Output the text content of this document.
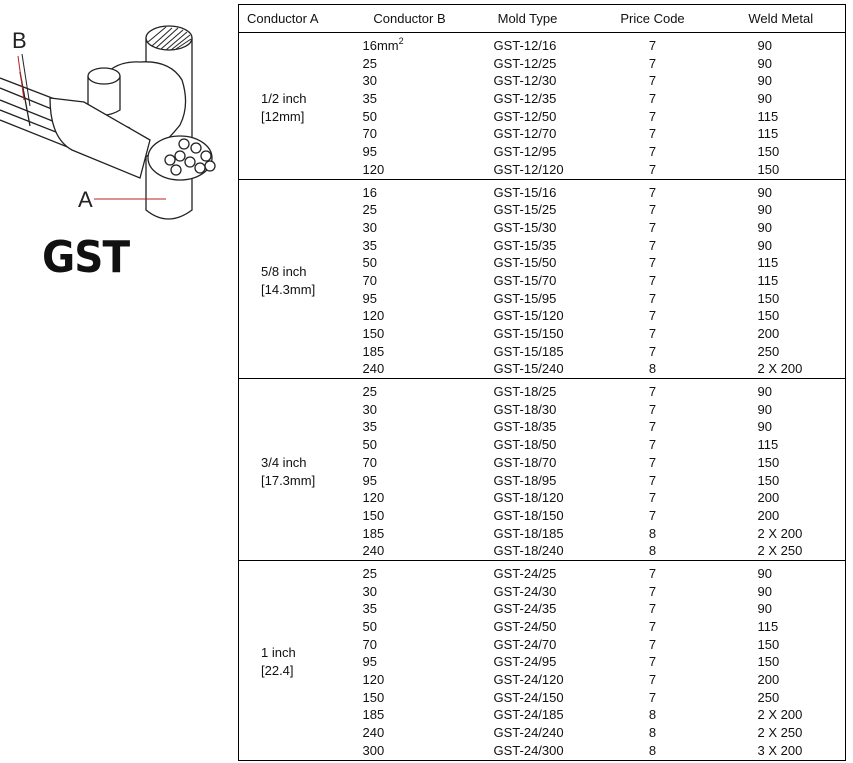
B
A
GST
Conductor A	Conductor B	Mold Type	Price Code	Weld Metal

1/2 inch
[12mm]	$16mm^2$	GST-12/16	7	90
	25	GST-12/25	7	90
	30	GST-12/30	7	90
	35	GST-12/35	7	90
	50	GST-12/50	7	115
	70	GST-12/70	7	115
	95	GST-12/95	7	150
	120	GST-12/120	7	150

5/8 inch
[14.3mm]	16	GST-15/16	7	90
	25	GST-15/25	7	90
	30	GST-15/30	7	90
	35	GST-15/35	7	90
	50	GST-15/50	7	115
	70	GST-15/70	7	115
	95	GST-15/95	7	150
	120	GST-15/120	7	150
	150	GST-15/150	7	200
	185	GST-15/185	7	250
	240	GST-15/240	8	2 X 200

3/4 inch
[17.3mm]	25	GST-18/25	7	90
	30	GST-18/30	7	90
	35	GST-18/35	7	90
	50	GST-18/50	7	115
	70	GST-18/70	7	150
	95	GST-18/95	7	150
	120	GST-18/120	7	200
	150	GST-18/150	7	200
	185	GST-18/185	8	2 X 200
	240	GST-18/240	8	2 X 250

1 inch
[22.4]	25	GST-24/25	7	90
	30	GST-24/30	7	90
	35	GST-24/35	7	90
	50	GST-24/50	7	115
	70	GST-24/70	7	150
	95	GST-24/95	7	150
	120	GST-24/120	7	200
	150	GST-24/150	7	250
	185	GST-24/185	8	2 X 200
	240	GST-24/240	8	2 X 250
	300	GST-24/300	8	3 X 200
